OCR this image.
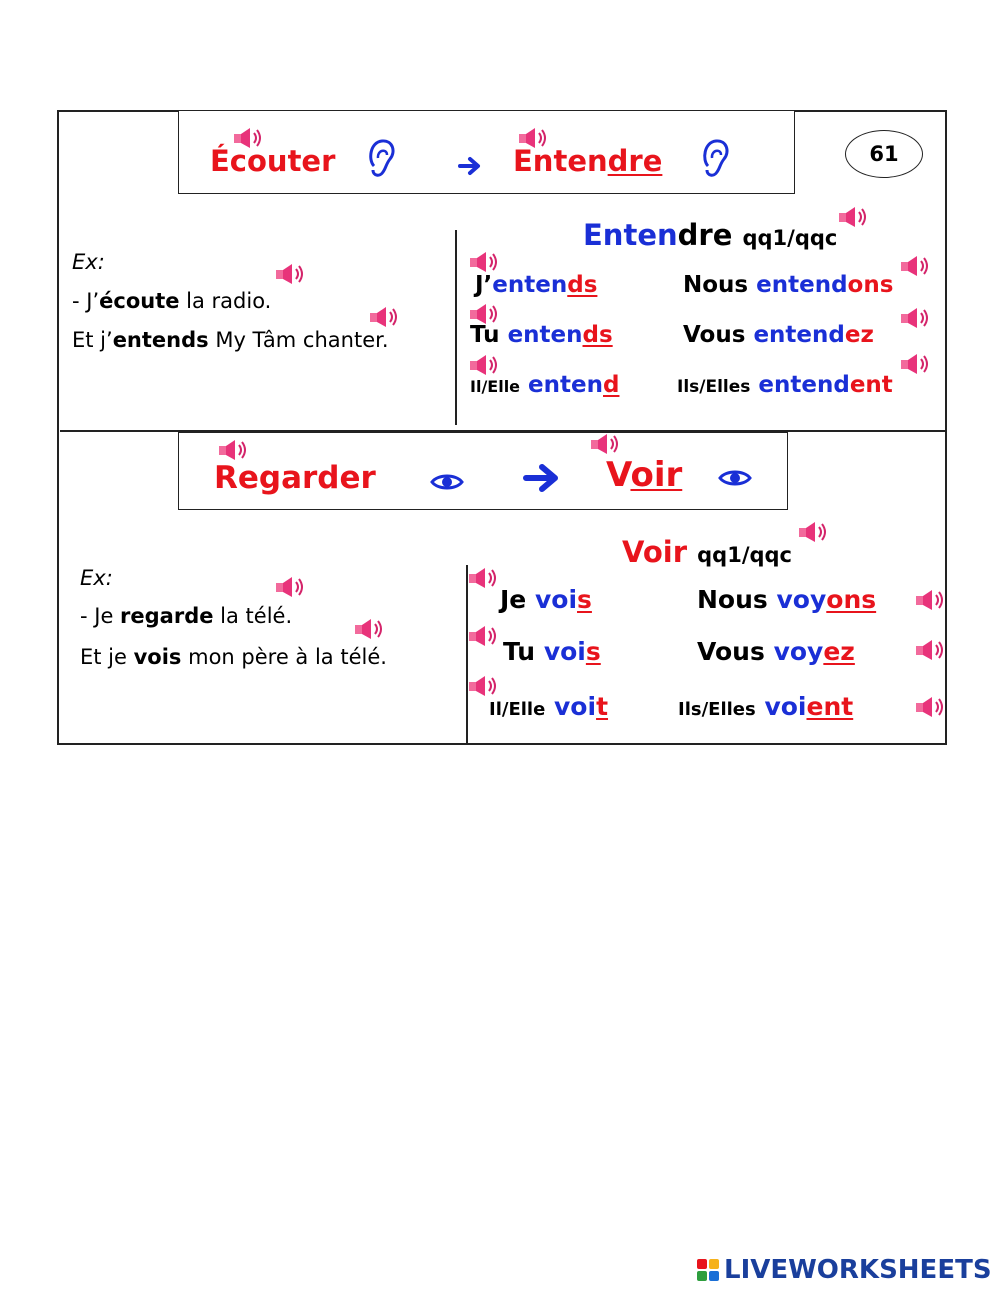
61
Écouter	Entendre
Ex:
- J’écoute la radio.
Et j’entends My Tâm chanter.
Entendre qq1/qqc
J’entends	Nous entendons
Tu entends	Vous entendez
Il/Elle entend	Ils/Elles entendent
Regarder	Voir
Ex:
- Je regarde la télé.
Et je vois mon père à la télé.
Voir qq1/qqc
Je vois	Nous voyons
Tu vois	Vous voyez
Il/Elle voit	Ils/Elles voient
LIVEWORKSHEETS
